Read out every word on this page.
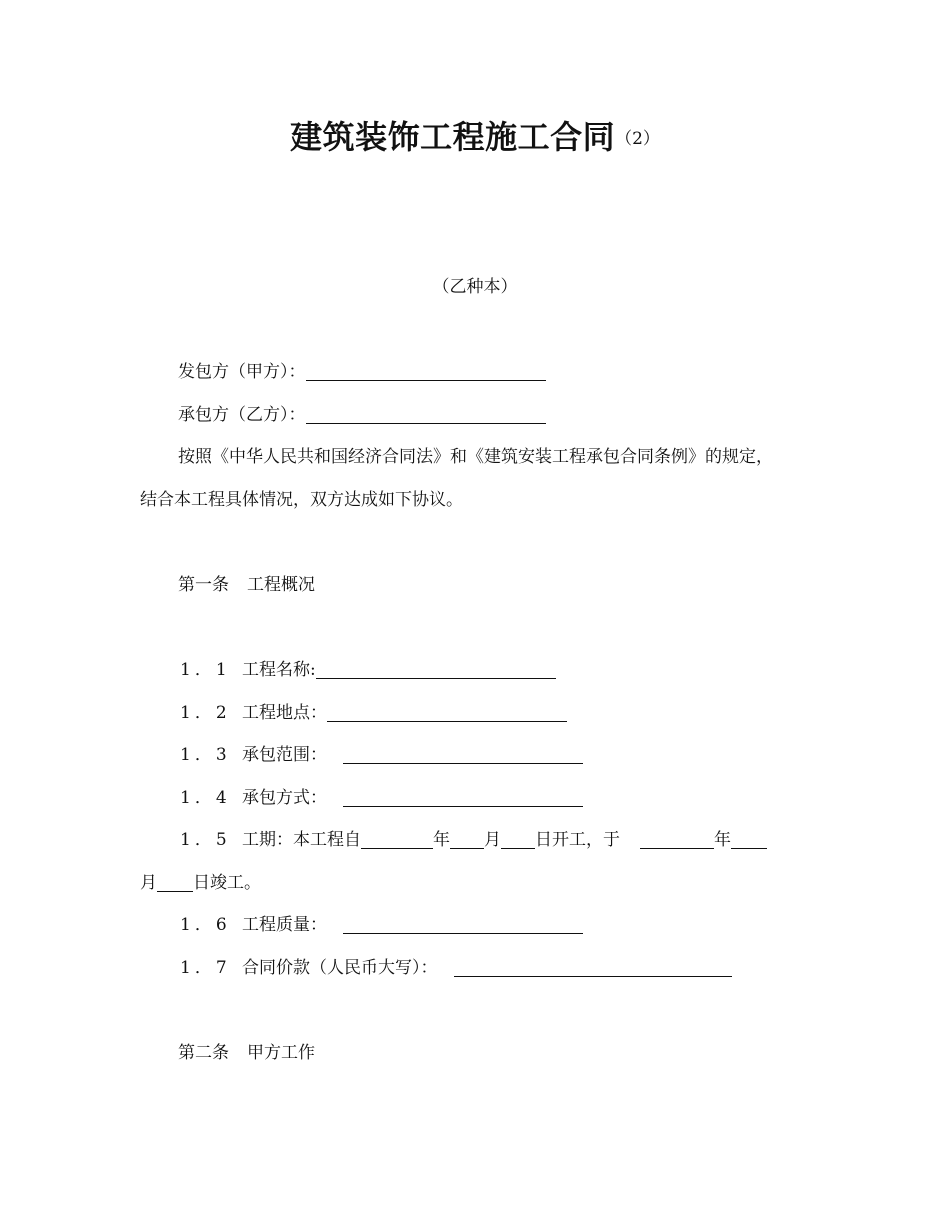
建筑装饰工程施工合同（2）
（乙种本）
发包方（甲方）：
承包方（乙方）：
按照《中华人民共和国经济合同法》和《建筑安装工程承包合同条例》的规定，
结合本工程具体情况，双方达成如下协议。
第一条 工程概况
1．1 工程名称:
1．2 工程地点：
1．3 承包范围：
1．4 承包方式：
1．5 工期：本工程自	年 月 日开工，于	年
月 日竣工。
1．6 工程质量：
1．7 合同价款（人民币大写）：
第二条 甲方工作
